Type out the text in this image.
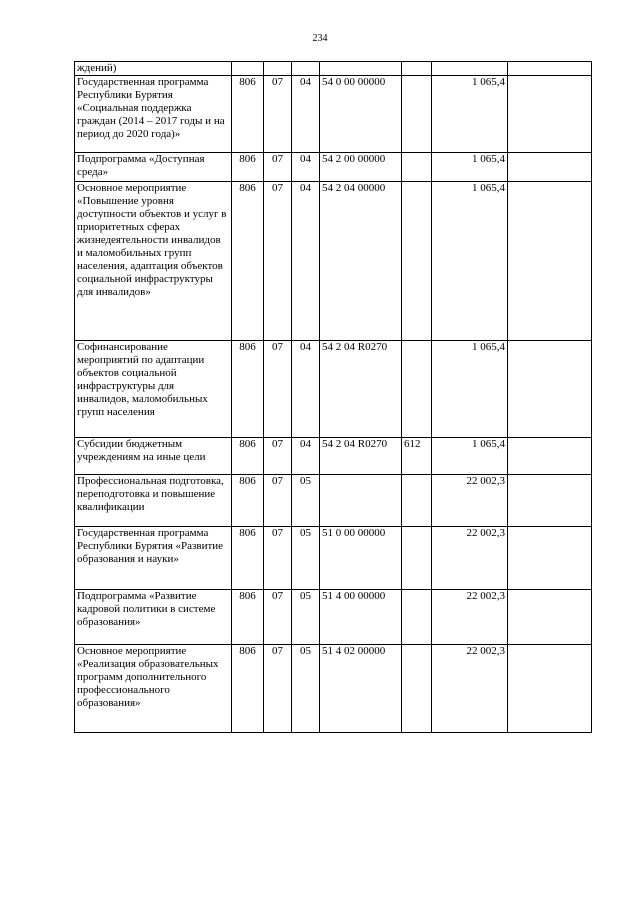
234
ждений)							
Государственная программа Республики Бурятия «Социальная поддержка граждан (2014 – 2017 годы и на период до 2020 года)»	806	07	04	54 0 00 00000		1 065,4	
Подпрограмма «Доступная среда»	806	07	04	54 2 00 00000		1 065,4	
Основное мероприятие «Повышение уровня доступности объектов и услуг в приоритетных сферах жизнедеятельности инвалидов и маломобильных групп населения, адаптация объектов социальной инфраструктуры для инвалидов»	806	07	04	54 2 04 00000		1 065,4	
Софинансирование мероприятий по адаптации объектов социальной инфраструктуры для инвалидов, маломобильных групп населения	806	07	04	54 2 04 R0270		1 065,4	
Субсидии бюджетным учреждениям на иные цели	806	07	04	54 2 04 R0270	612	1 065,4	
Профессиональная подготовка, переподготовка и повышение квалификации	806	07	05			22 002,3	
Государственная программа Республики Бурятия «Развитие образования и науки»	806	07	05	51 0 00 00000		22 002,3	
Подпрограмма «Развитие кадровой политики в системе образования»	806	07	05	51 4 00 00000		22 002,3	
Основное мероприятие «Реализация образовательных программ дополнительного профессионального образования»	806	07	05	51 4 02 00000		22 002,3	
